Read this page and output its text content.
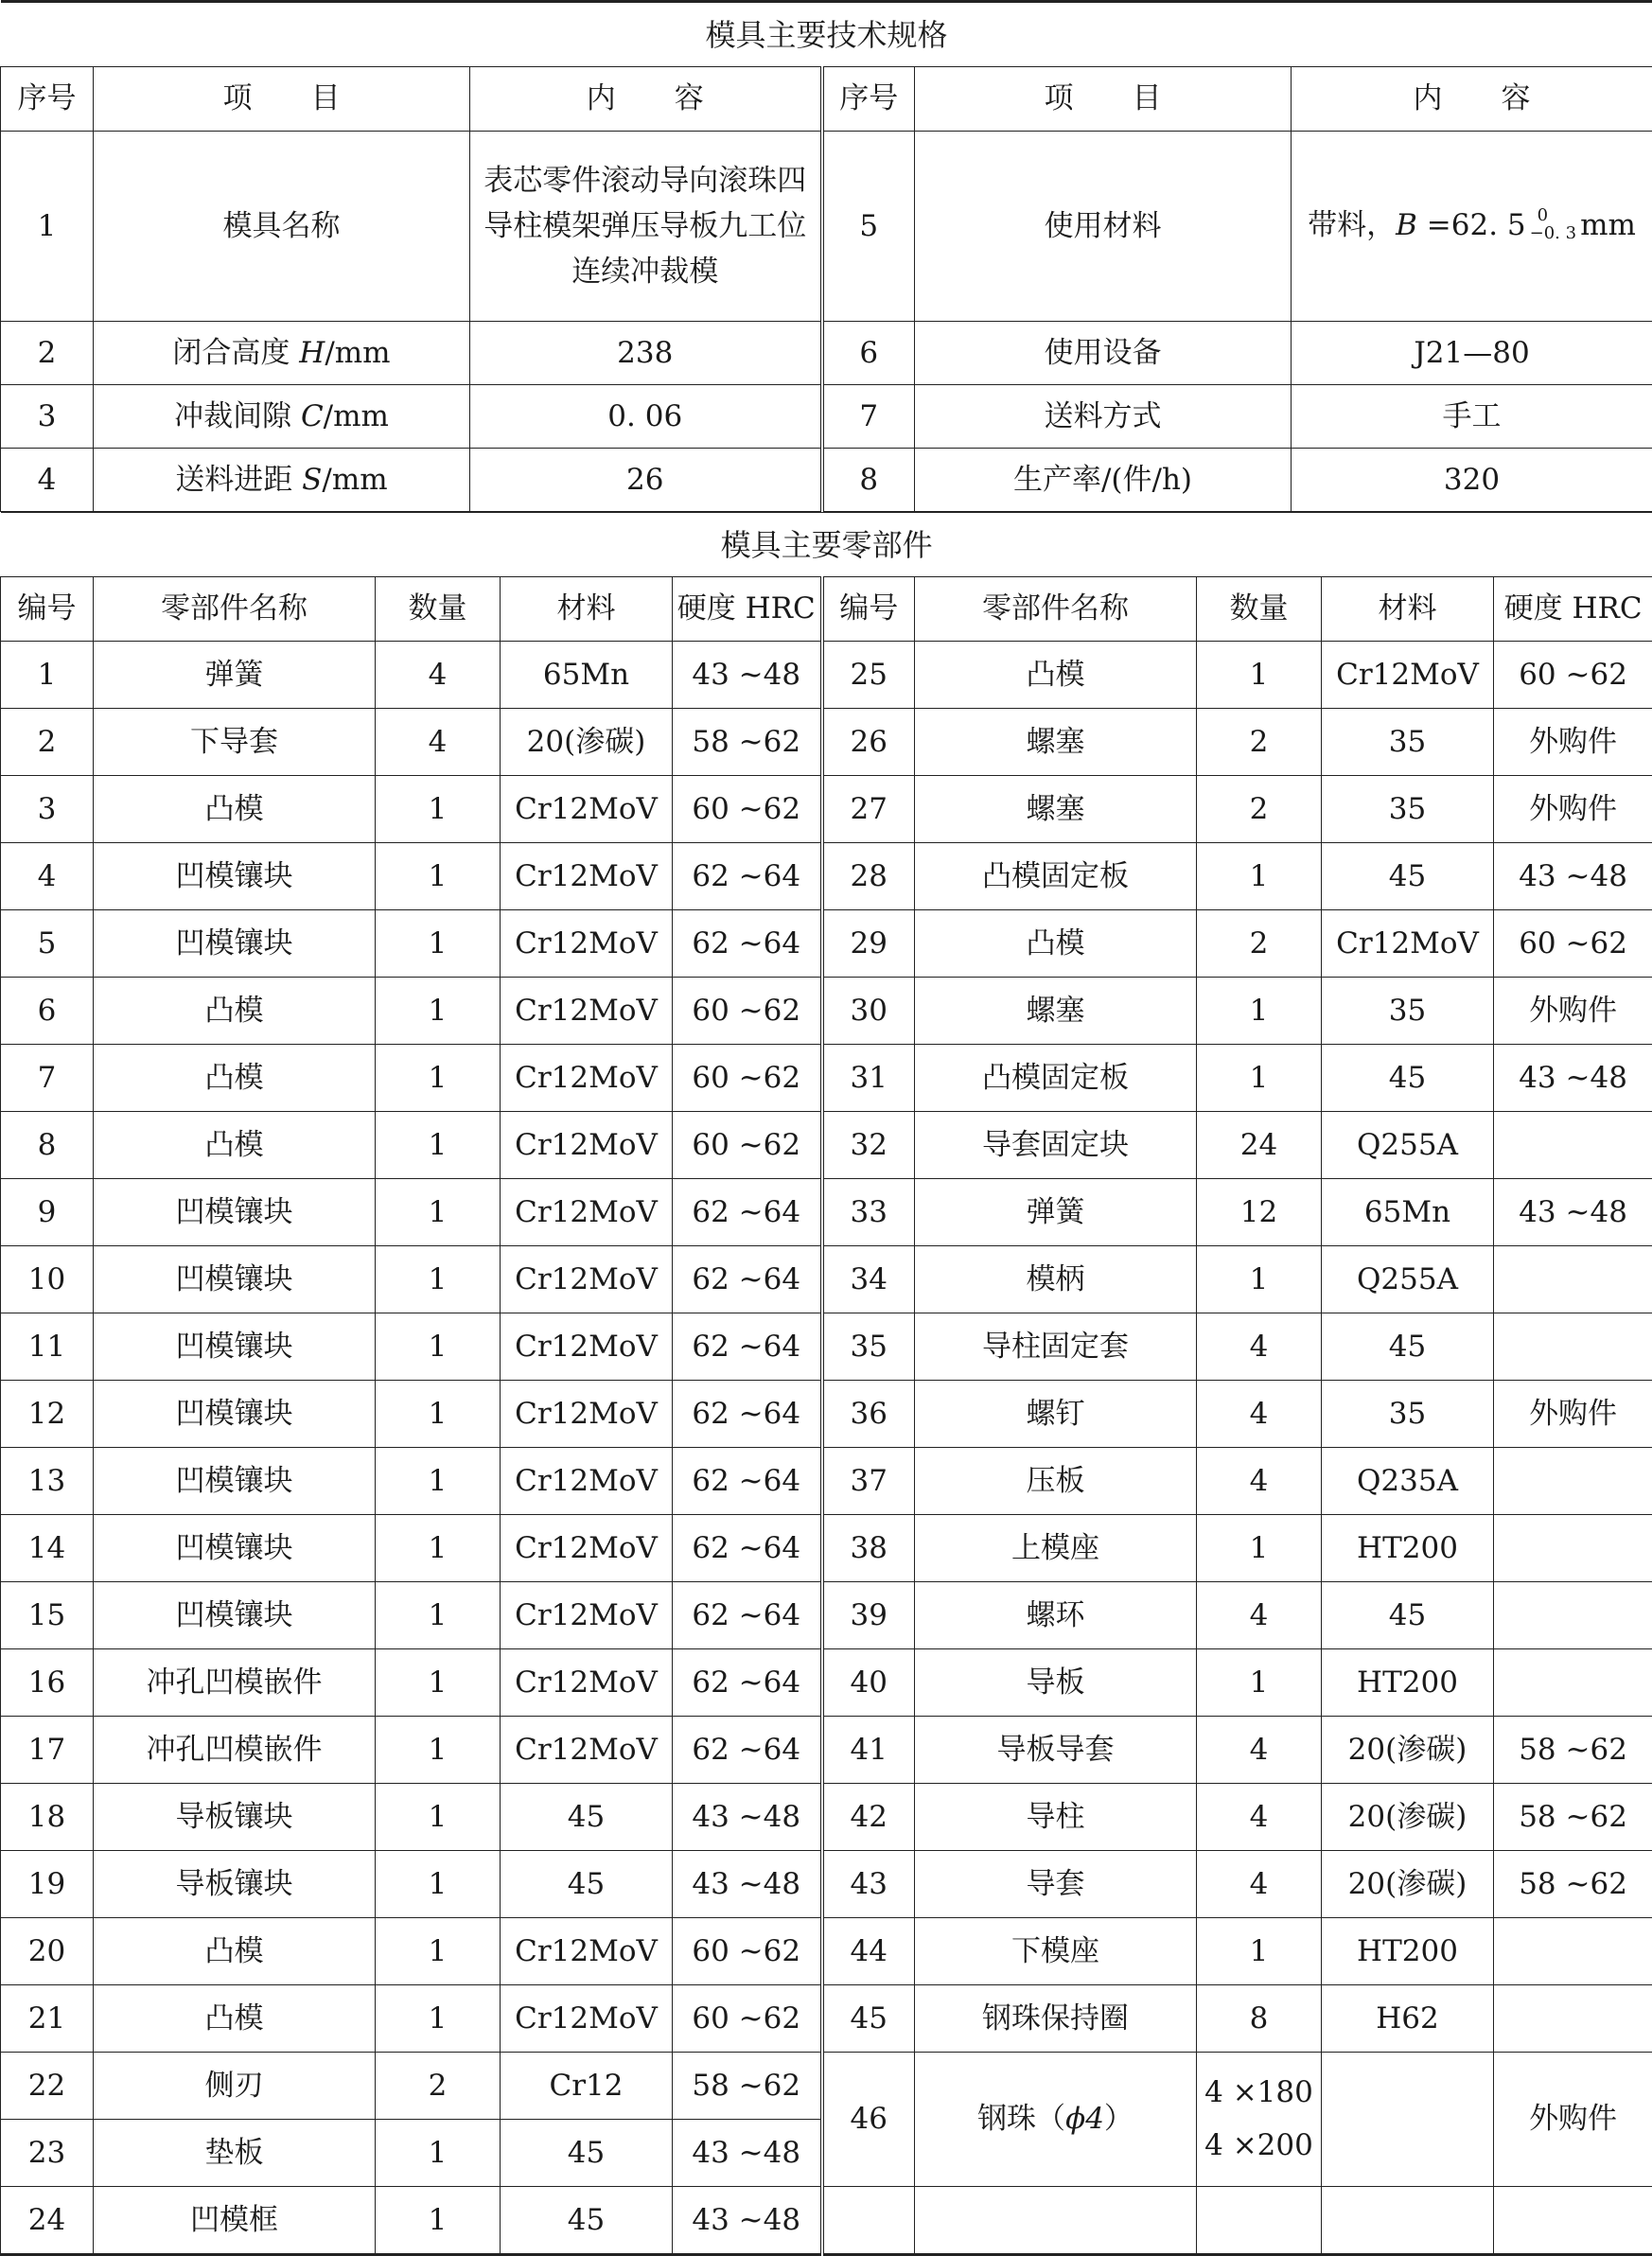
模具主要技术规格					
序号	项　　目	内　　容	序号	项　　目	内　　容
1	模具名称	表芯零件滚动导向滚珠四导柱模架弹压导板九工位连续冲裁模	5	使用材料	带料，B =62. 5 0
−0. 3 mm
2	闭合高度 H/mm	238	6	使用设备	J21—80
3	冲裁间隙 C/mm	0. 06	7	送料方式	手工
4	送料进距 S/mm	26	8	生产率/(件/h)	320
模具主要零部件									
编号	零部件名称	数量	材料	硬度 HRC	编号	零部件名称	数量	材料	硬度 HRC
1	弹簧	4	65Mn	43 ~48	25	凸模	1	Cr12MoV	60 ~62
2	下导套	4	20(渗碳)	58 ~62	26	螺塞	2	35	外购件
3	凸模	1	Cr12MoV	60 ~62	27	螺塞	2	35	外购件
4	凹模镶块	1	Cr12MoV	62 ~64	28	凸模固定板	1	45	43 ~48
5	凹模镶块	1	Cr12MoV	62 ~64	29	凸模	2	Cr12MoV	60 ~62
6	凸模	1	Cr12MoV	60 ~62	30	螺塞	1	35	外购件
7	凸模	1	Cr12MoV	60 ~62	31	凸模固定板	1	45	43 ~48
8	凸模	1	Cr12MoV	60 ~62	32	导套固定块	24	Q255A	
9	凹模镶块	1	Cr12MoV	62 ~64	33	弹簧	12	65Mn	43 ~48
10	凹模镶块	1	Cr12MoV	62 ~64	34	模柄	1	Q255A	
11	凹模镶块	1	Cr12MoV	62 ~64	35	导柱固定套	4	45	
12	凹模镶块	1	Cr12MoV	62 ~64	36	螺钉	4	35	外购件
13	凹模镶块	1	Cr12MoV	62 ~64	37	压板	4	Q235A	
14	凹模镶块	1	Cr12MoV	62 ~64	38	上模座	1	HT200	
15	凹模镶块	1	Cr12MoV	62 ~64	39	螺环	4	45	
16	冲孔凹模嵌件	1	Cr12MoV	62 ~64	40	导板	1	HT200	
17	冲孔凹模嵌件	1	Cr12MoV	62 ~64	41	导板导套	4	20(渗碳)	58 ~62
18	导板镶块	1	45	43 ~48	42	导柱	4	20(渗碳)	58 ~62
19	导板镶块	1	45	43 ~48	43	导套	4	20(渗碳)	58 ~62
20	凸模	1	Cr12MoV	60 ~62	44	下模座	1	HT200	
21	凸模	1	Cr12MoV	60 ~62	45	钢珠保持圈	8	H62	
22	侧刃	2	Cr12	58 ~62	46	钢珠（ϕ4）	4 ×180
4 ×200		外购件
23	垫板	1	45	43 ~48					
24	凹模框	1	45	43 ~48					
